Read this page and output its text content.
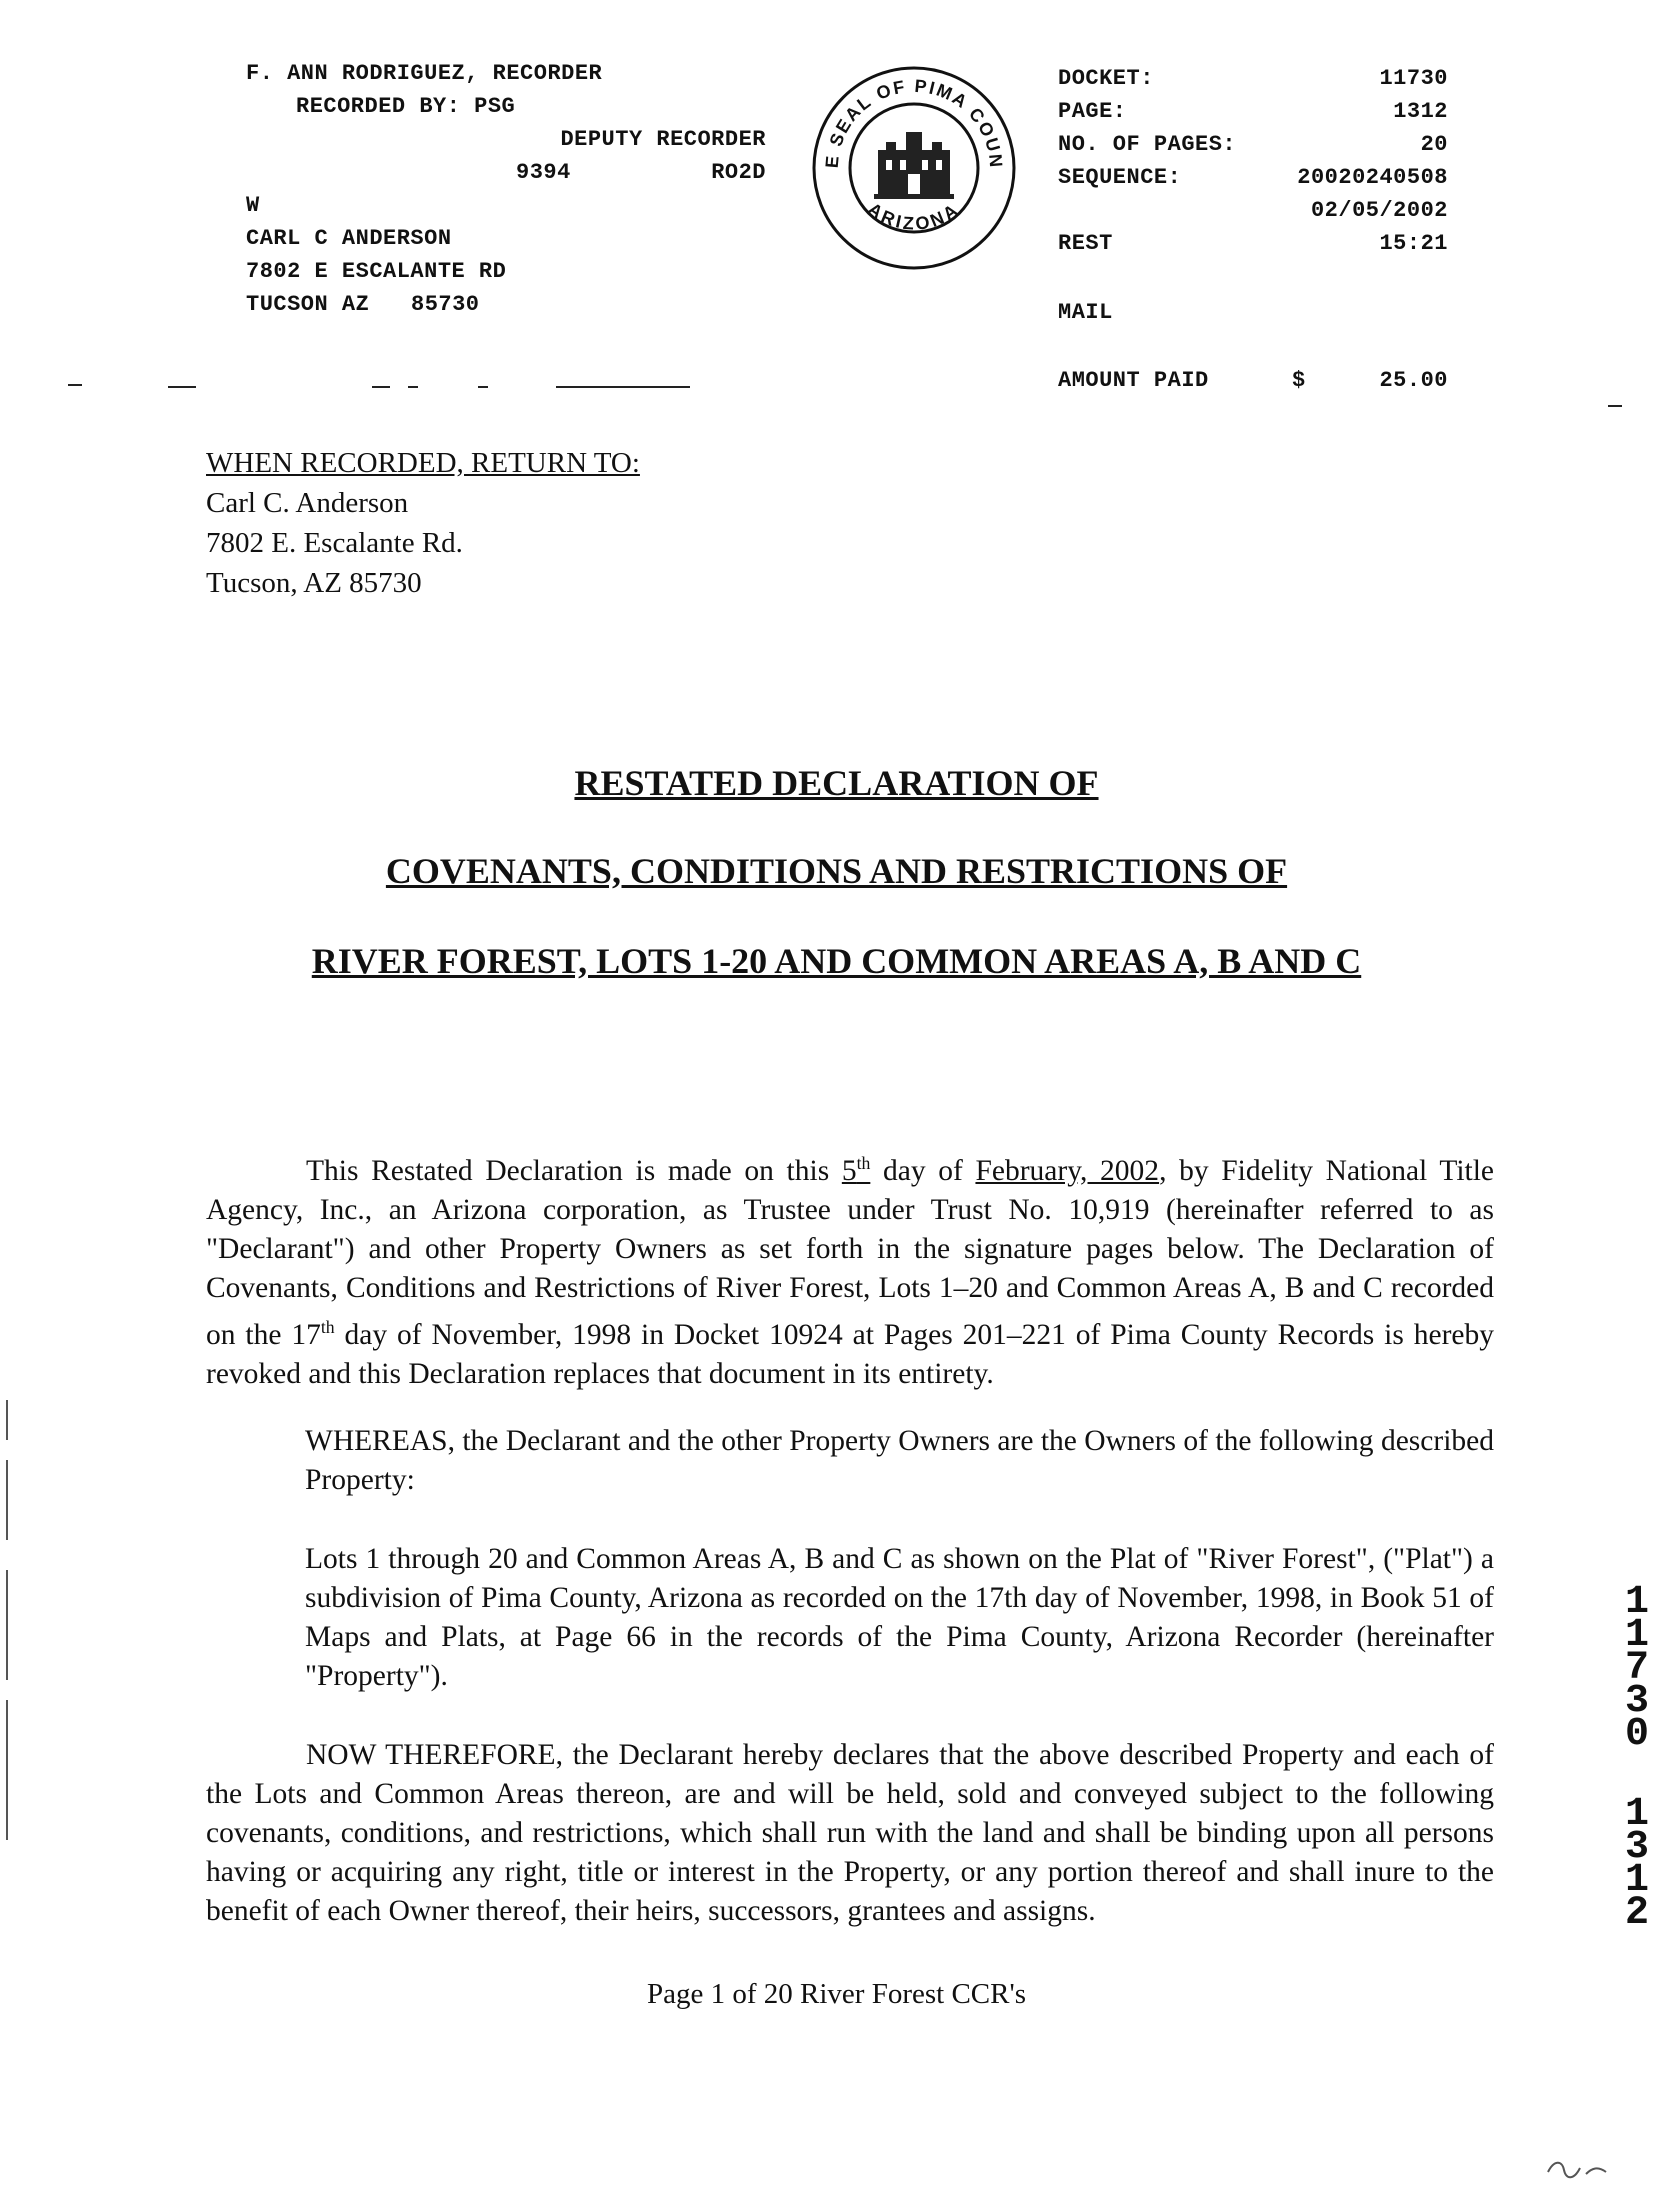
F. ANN RODRIGUEZ, RECORDER
RECORDED BY: PSG
DEPUTY RECORDER
9394	RO2D
W
CARL C ANDERSON
7802 E ESCALANTE RD
TUCSON AZ 85730
E SEAL OF PIMA COUN
ARIZONA
DOCKET:	11730
PAGE:	1312
NO. OF PAGES:	20
SEQUENCE:	20020240508
02/05/2002
REST	15:21
MAIL
AMOUNT PAID	$	25.00
WHEN RECORDED, RETURN TO:
Carl C. Anderson
7802 E. Escalante Rd.
Tucson, AZ 85730
RESTATED DECLARATION OF
COVENANTS, CONDITIONS AND RESTRICTIONS OF
RIVER FOREST, LOTS 1-20 AND COMMON AREAS A, B AND C
This Restated Declaration is made on this 5th day of February, 2002, by Fidelity National Title Agency, Inc., an Arizona corporation, as Trustee under Trust No. 10,919 (hereinafter referred to as "Declarant") and other Property Owners as set forth in the signature pages below. The Declaration of Covenants, Conditions and Restrictions of River Forest, Lots 1–20 and Common Areas A, B and C recorded on the 17th day of November, 1998 in Docket 10924 at Pages 201–221 of Pima County Records is hereby revoked and this Declaration replaces that document in its entirety.
WHEREAS, the Declarant and the other Property Owners are the Owners of the following described Property:
Lots 1 through 20 and Common Areas A, B and C as shown on the Plat of "River Forest", ("Plat") a subdivision of Pima County, Arizona as recorded on the 17th day of November, 1998, in Book 51 of Maps and Plats, at Page 66 in the records of the Pima County, Arizona Recorder (hereinafter "Property").
NOW THEREFORE, the Declarant hereby declares that the above described Property and each of the Lots and Common Areas thereon, are and will be held, sold and conveyed subject to the following covenants, conditions, and restrictions, which shall run with the land and shall be binding upon all persons having or acquiring any right, title or interest in the Property, or any portion thereof and shall inure to the benefit of each Owner thereof, their heirs, successors, grantees and assigns.
1
1
7
3
0
1
3
1
2
Page 1 of 20 River Forest CCR's
